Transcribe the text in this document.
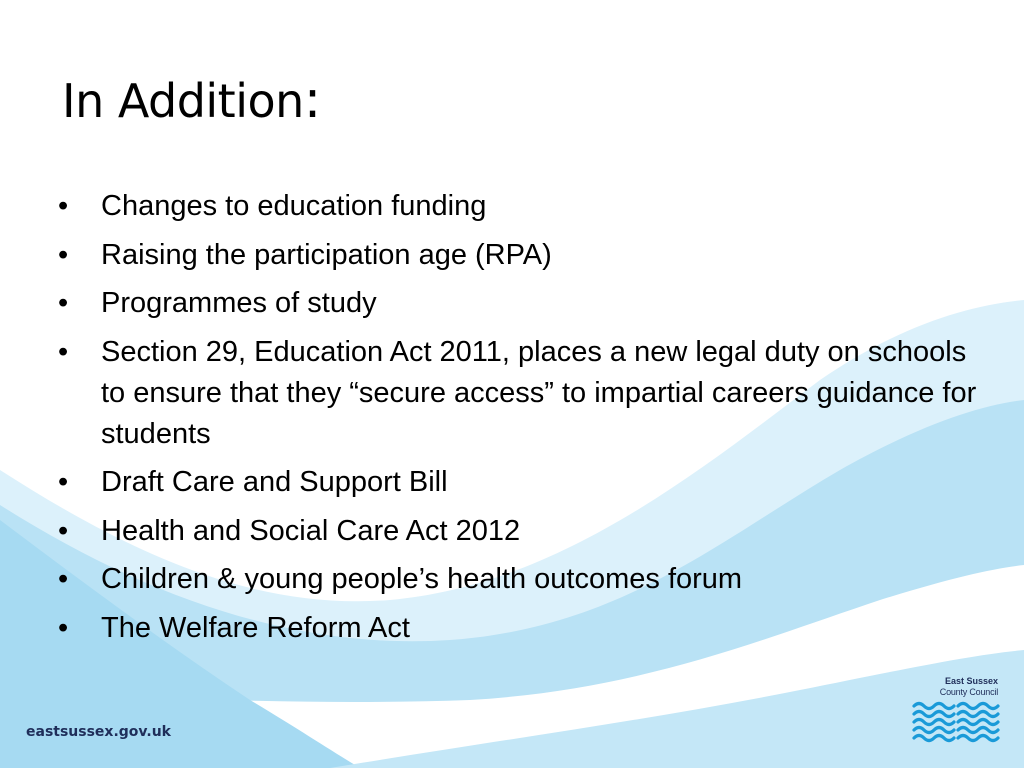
In Addition:
• Changes to education funding
• Raising the participation age (RPA)
• Programmes of study
• Section 29, Education Act 2011, places a new legal duty on schools to ensure that they “secure access” to impartial careers guidance for students
• Draft Care and Support Bill
• Health and Social Care Act 2012
• Children & young people’s health outcomes forum
• The Welfare Reform Act
eastsussex.gov.uk
East Sussex
County Council
